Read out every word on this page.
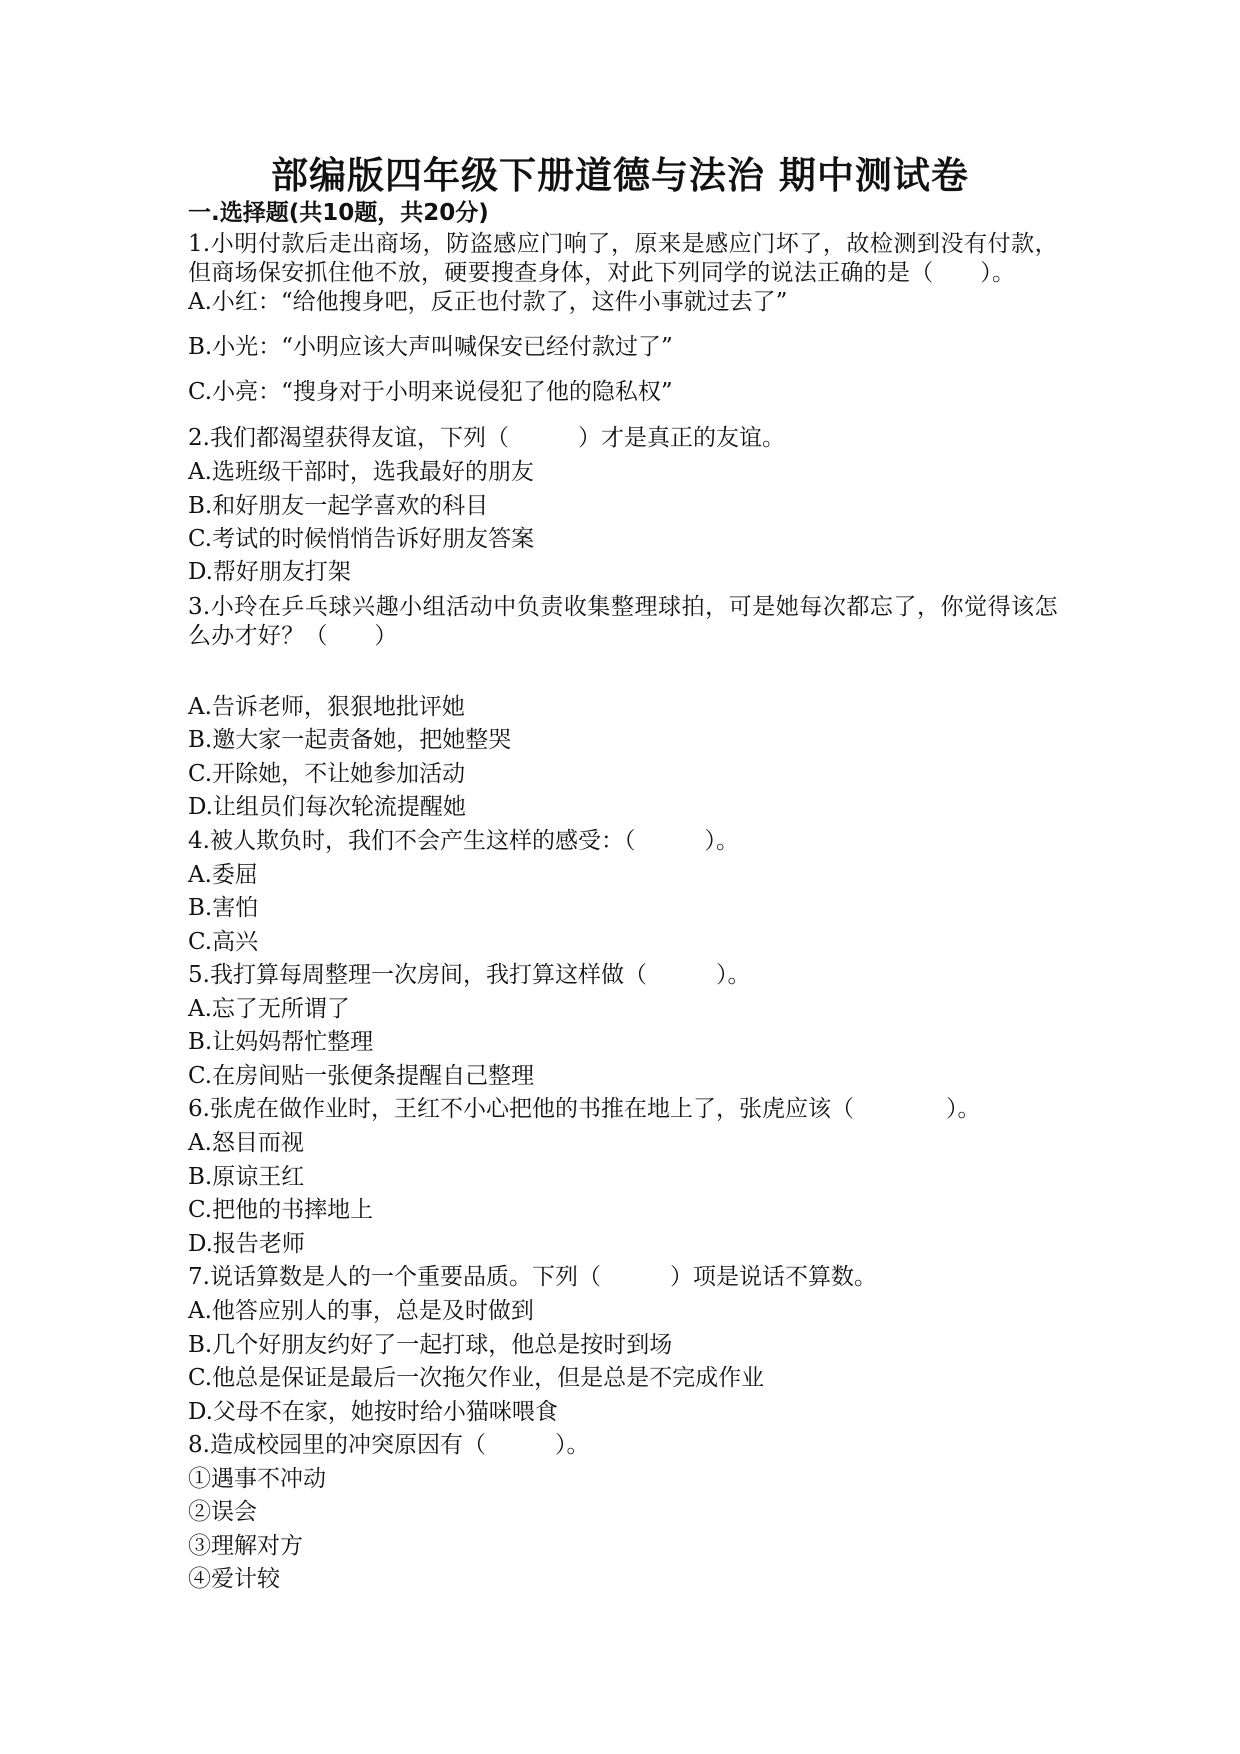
部编版四年级下册道德与法治 期中测试卷
一.选择题(共10题，共20分)
1.小明付款后走出商场，防盗感应门响了，原来是感应门坏了，故检测到没有付款，但商场保安抓住他不放，硬要搜查身体，对此下列同学的说法正确的是（　　）。
A.小红：“给他搜身吧，反正也付款了，这件小事就过去了”
B.小光：“小明应该大声叫喊保安已经付款过了”
C.小亮：“搜身对于小明来说侵犯了他的隐私权”
2.我们都渴望获得友谊，下列（　　　）才是真正的友谊。
A.选班级干部时，选我最好的朋友
B.和好朋友一起学喜欢的科目
C.考试的时候悄悄告诉好朋友答案
D.帮好朋友打架
3.小玲在乒乓球兴趣小组活动中负责收集整理球拍，可是她每次都忘了，你觉得该怎么办才好？（　　）
A.告诉老师，狠狠地批评她
B.邀大家一起责备她，把她整哭
C.开除她，不让她参加活动
D.让组员们每次轮流提醒她
4.被人欺负时，我们不会产生这样的感受：（　　　）。
A.委屈
B.害怕
C.高兴
5.我打算每周整理一次房间，我打算这样做（　　　）。
A.忘了无所谓了
B.让妈妈帮忙整理
C.在房间贴一张便条提醒自己整理
6.张虎在做作业时，王红不小心把他的书推在地上了，张虎应该（　　　　）。
A.怒目而视
B.原谅王红
C.把他的书摔地上
D.报告老师
7.说话算数是人的一个重要品质。下列（　　　）项是说话不算数。
A.他答应别人的事，总是及时做到
B.几个好朋友约好了一起打球，他总是按时到场
C.他总是保证是最后一次拖欠作业，但是总是不完成作业
D.父母不在家，她按时给小猫咪喂食
8.造成校园里的冲突原因有（　　　）。
①遇事不冲动
②误会
③理解对方
④爱计较
